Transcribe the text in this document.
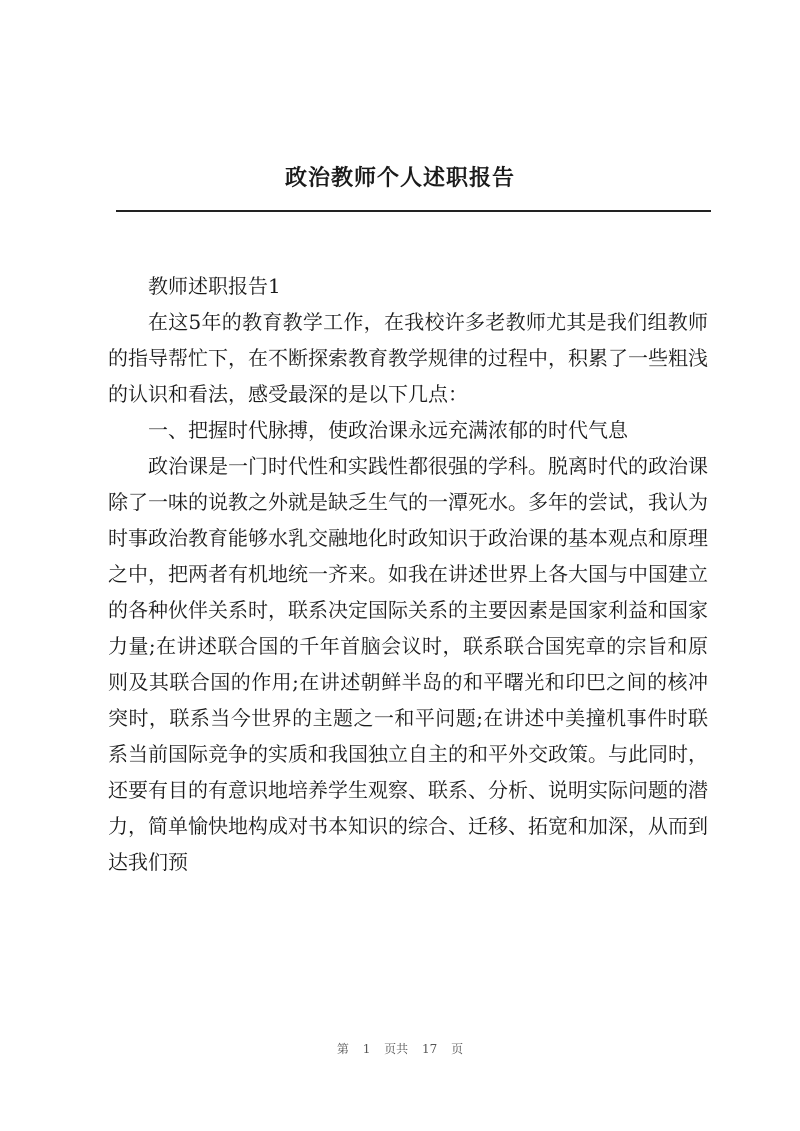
政治教师个人述职报告

教师述职报告1

在这5年的教育教学工作，在我校许多老教师尤其是我们组教师的指导帮忙下，在不断探索教育教学规律的过程中，积累了一些粗浅的认识和看法，感受最深的是以下几点：

一、把握时代脉搏，使政治课永远充满浓郁的时代气息

政治课是一门时代性和实践性都很强的学科。脱离时代的政治课除了一味的说教之外就是缺乏生气的一潭死水。多年的尝试，我认为时事政治教育能够水乳交融地化时政知识于政治课的基本观点和原理之中，把两者有机地统一齐来。如我在讲述世界上各大国与中国建立的各种伙伴关系时，联系决定国际关系的主要因素是国家利益和国家力量;在讲述联合国的千年首脑会议时，联系联合国宪章的宗旨和原则及其联合国的作用;在讲述朝鲜半岛的和平曙光和印巴之间的核冲突时，联系当今世界的主题之一和平问题;在讲述中美撞机事件时联系当前国际竞争的实质和我国独立自主的和平外交政策。与此同时，还要有目的有意识地培养学生观察、联系、分析、说明实际问题的潜力，简单愉快地构成对书本知识的综合、迁移、拓宽和加深，从而到达我们预

第 1 页共 17 页
